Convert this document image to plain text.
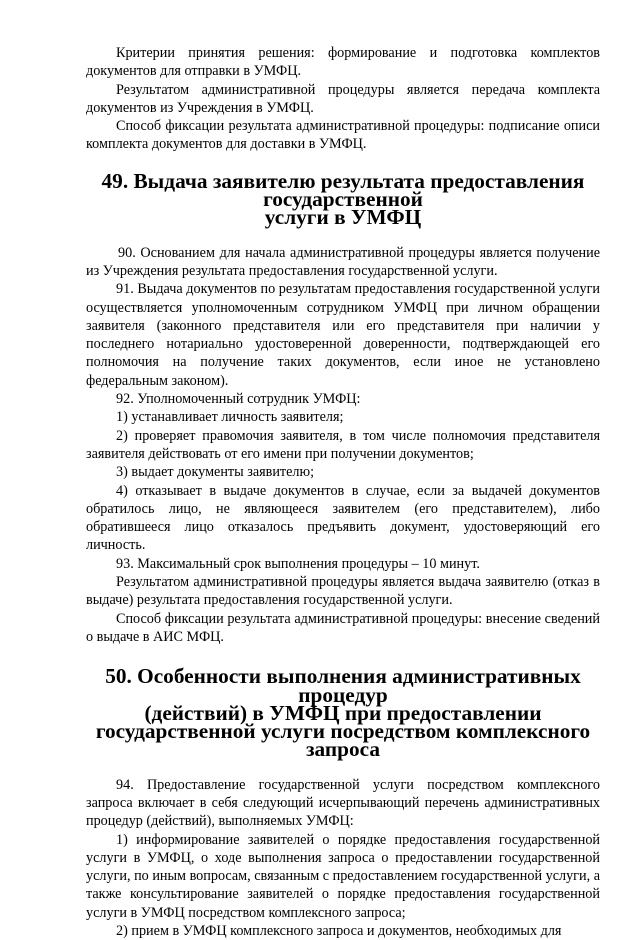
Критерии принятия решения: формирование и подготовка комплектов документов для отправки в УМФЦ.

Результатом административной процедуры является передача комплекта документов из Учреждения в УМФЦ.

Способ фиксации результата административной процедуры: подписание описи комплекта документов для доставки в УМФЦ.

49. Выдача заявителю результата предоставления государственной
услуги в УМФЦ

90. Основанием для начала административной процедуры является получение из Учреждения результата предоставления государственной услуги.

91. Выдача документов по результатам предоставления государственной услуги осуществляется уполномоченным сотрудником УМФЦ при личном обращении заявителя (законного представителя или его представителя при наличии у последнего нотариально удостоверенной доверенности, подтверждающей его полномочия на получение таких документов, если иное не установлено федеральным законом).

92. Уполномоченный сотрудник УМФЦ:

1) устанавливает личность заявителя;

2) проверяет правомочия заявителя, в том числе полномочия представителя заявителя действовать от его имени при получении документов;

3) выдает документы заявителю;

4) отказывает в выдаче документов в случае, если за выдачей документов обратилось лицо, не являющееся заявителем (его представителем), либо обратившееся лицо отказалось предъявить документ, удостоверяющий его личность.

93. Максимальный срок выполнения процедуры – 10 минут.

Результатом административной процедуры является выдача заявителю (отказ в выдаче) результата предоставления государственной услуги.

Способ фиксации результата административной процедуры: внесение сведений о выдаче в АИС МФЦ.

50. Особенности выполнения административных процедур
(действий) в УМФЦ при предоставлении
государственной услуги посредством комплексного запроса

94. Предоставление государственной услуги посредством комплексного запроса включает в себя следующий исчерпывающий перечень административных процедур (действий), выполняемых УМФЦ:

1) информирование заявителей о порядке предоставления государственной услуги в УМФЦ, о ходе выполнения запроса о предоставлении государственной услуги, по иным вопросам, связанным с предоставлением государственной услуги, а также консультирование заявителей о порядке предоставления государственной услуги в УМФЦ посредством комплексного запроса;

2) прием в УМФЦ комплексного запроса и документов, необходимых для
